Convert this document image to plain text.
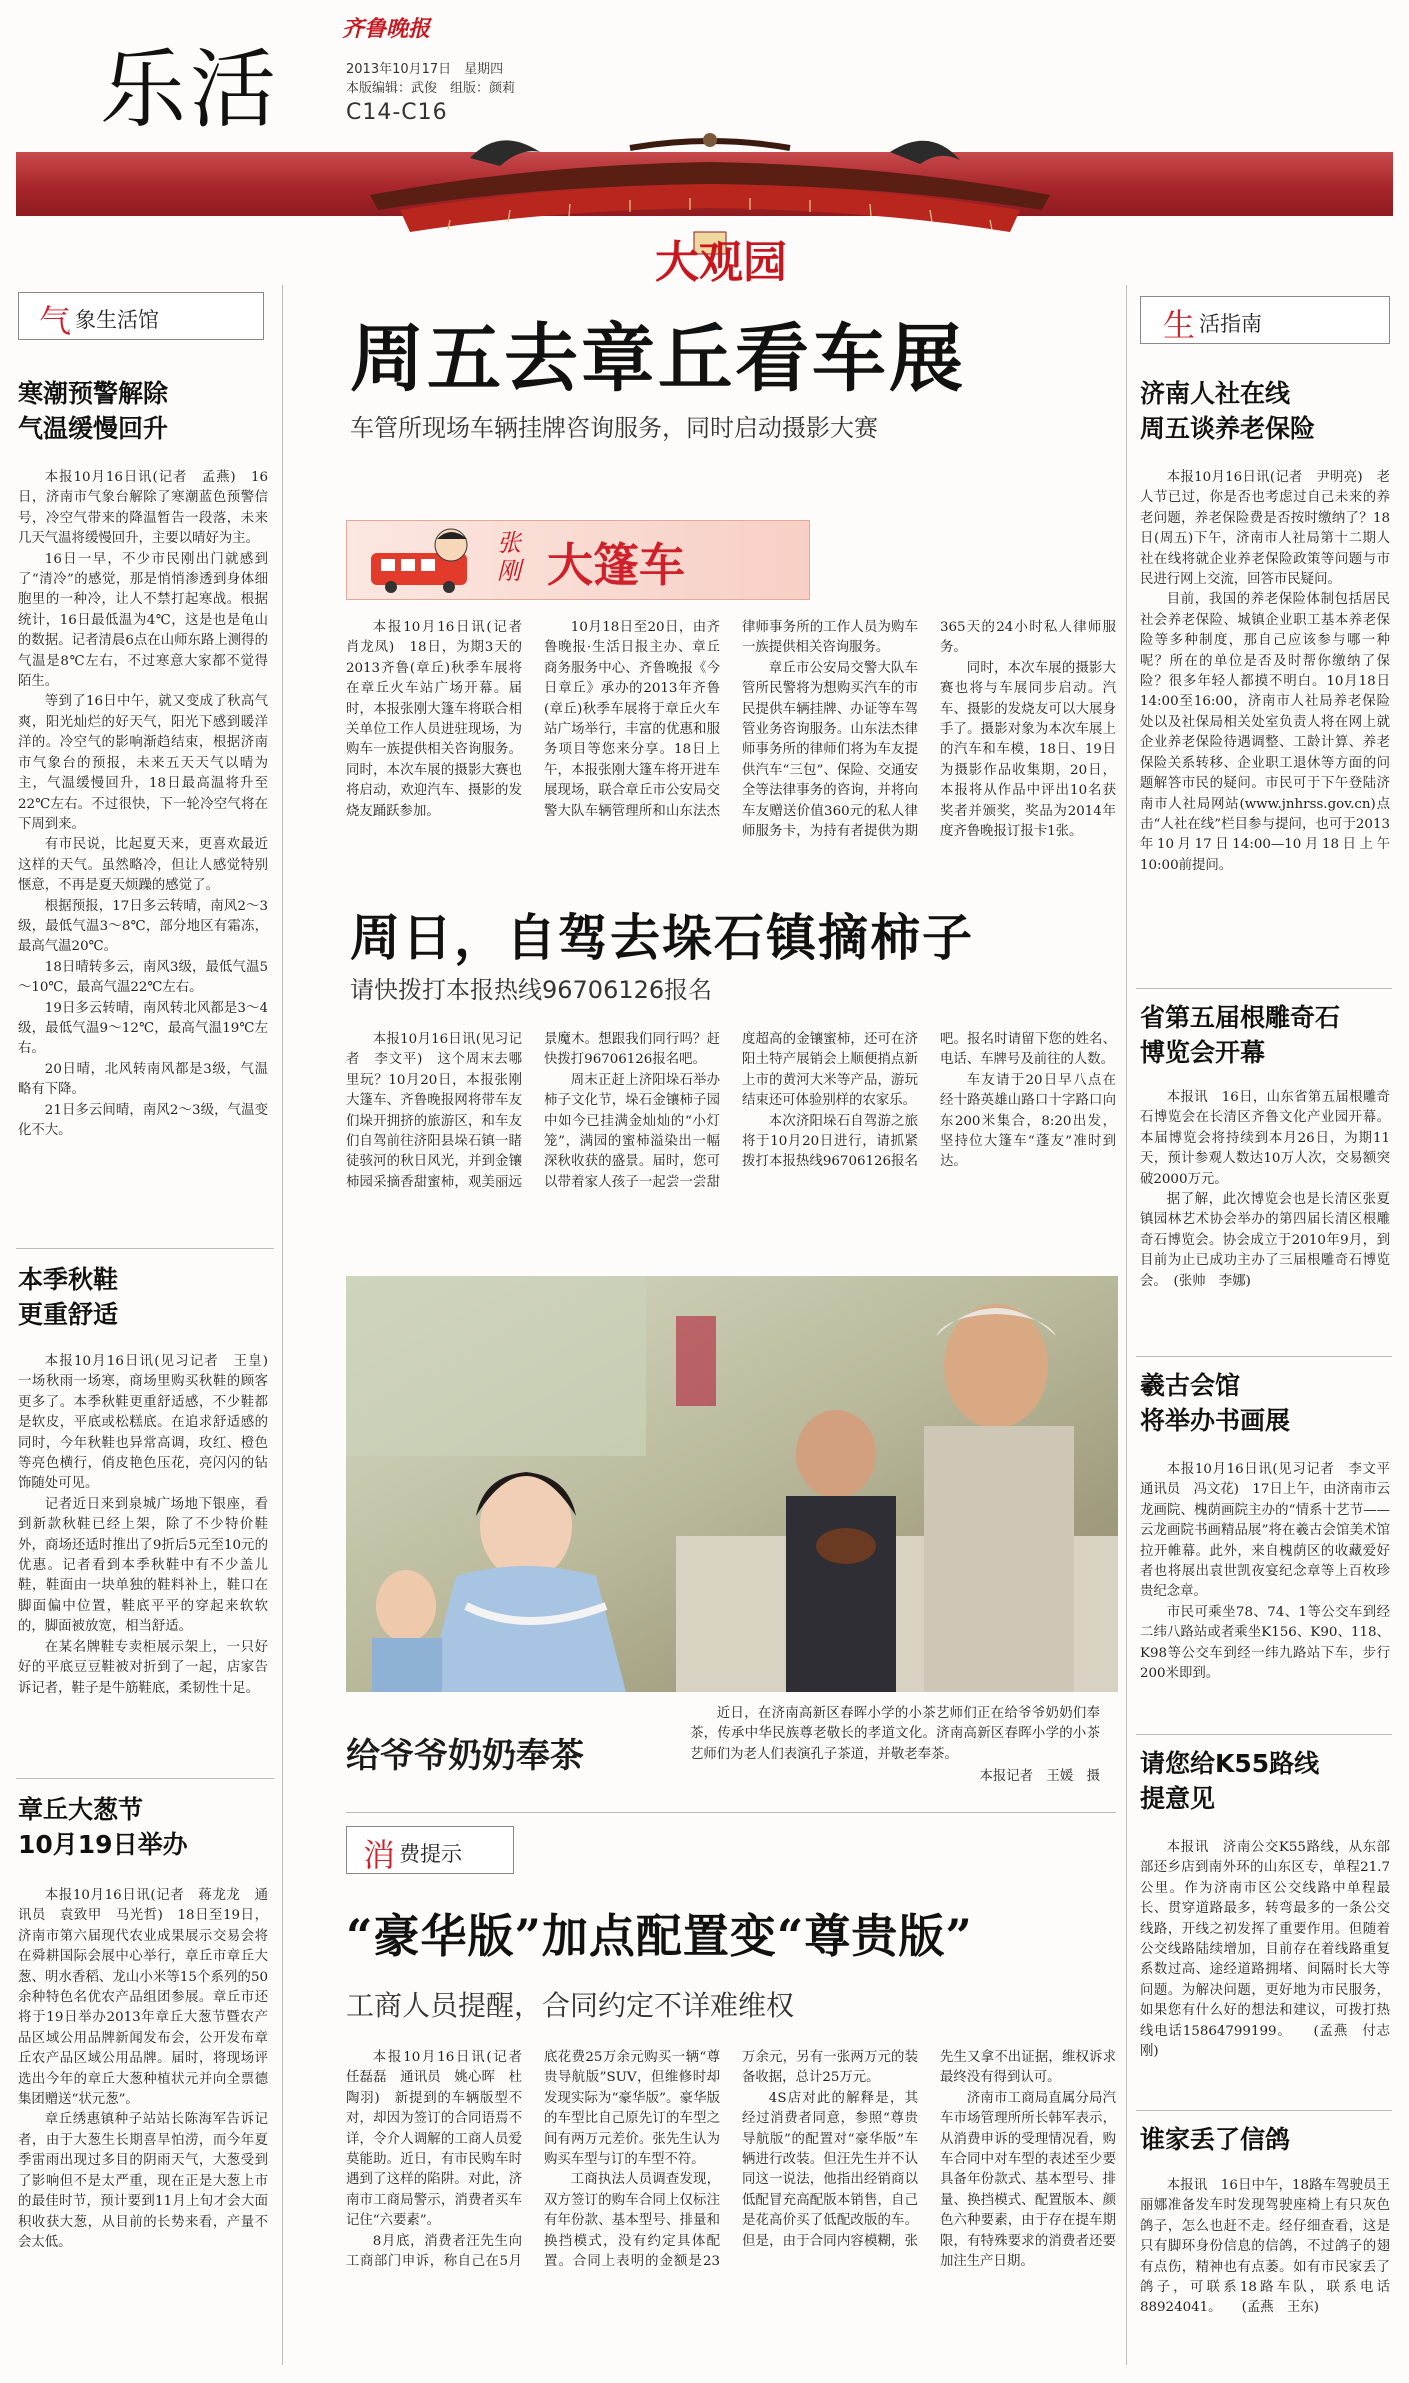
乐活
齐鲁晚报
2013年10月17日　星期四
本版编辑：武俊　组版：颜莉
C14-C16
大观园
气 象生活馆
寒潮预警解除
气温缓慢回升

本报10月16日讯(记者　孟燕)　16日，济南市气象台解除了寒潮蓝色预警信号，冷空气带来的降温暂告一段落，未来几天气温将缓慢回升，主要以晴好为主。

16日一早，不少市民刚出门就感到了“清冷”的感觉，那是悄悄渗透到身体细胞里的一种冷，让人不禁打起寒战。根据统计，16日最低温为4℃，这是也是龟山的数据。记者清晨6点在山师东路上测得的气温是8℃左右，不过寒意大家都不觉得陌生。

等到了16日中午，就又变成了秋高气爽，阳光灿烂的好天气，阳光下感到暖洋洋的。冷空气的影响渐趋结束，根据济南市气象台的预报，未来五天天气以晴为主，气温缓慢回升，18日最高温将升至22℃左右。不过很快，下一轮冷空气将在下周到来。

有市民说，比起夏天来，更喜欢最近这样的天气。虽然略冷，但让人感觉特别惬意，不再是夏天烦躁的感觉了。

根据预报，17日多云转晴，南风2～3级，最低气温3～8℃，部分地区有霜冻，最高气温20℃。

18日晴转多云，南风3级，最低气温5～10℃，最高气温22℃左右。

19日多云转晴，南风转北风都是3～4级，最低气温9～12℃，最高气温19℃左右。

20日晴，北风转南风都是3级，气温略有下降。

21日多云间晴，南风2～3级，气温变化不大。

本季秋鞋
更重舒适

本报10月16日讯(见习记者　王皇)　一场秋雨一场寒，商场里购买秋鞋的顾客更多了。本季秋鞋更重舒适感，不少鞋都是软皮，平底或松糕底。在追求舒适感的同时，今年秋鞋也异常高调，玫红、橙色等亮色横行，俏皮艳色压花，亮闪闪的钻饰随处可见。

记者近日来到泉城广场地下银座，看到新款秋鞋已经上架，除了不少特价鞋外，商场还适时推出了9折后5元至10元的优惠。记者看到本季秋鞋中有不少盖儿鞋，鞋面由一块单独的鞋料补上，鞋口在脚面偏中位置，鞋底平平的穿起来软软的，脚面被放宽，相当舒适。

在某名牌鞋专卖柜展示架上，一只好好的平底豆豆鞋被对折到了一起，店家告诉记者，鞋子是牛筋鞋底，柔韧性十足。

章丘大葱节
10月19日举办

本报10月16日讯(记者　蒋龙龙　通讯员　袁致甲　马光哲)　18日至19日，济南市第六届现代农业成果展示交易会将在舜耕国际会展中心举行，章丘市章丘大葱、明水香稻、龙山小米等15个系列的50余种特色名优农产品组团参展。章丘市还将于19日举办2013年章丘大葱节暨农产品区域公用品牌新闻发布会，公开发布章丘农产品区域公用品牌。届时，将现场评选出今年的章丘大葱种植状元并向全票德集团赠送“状元葱”。

章丘绣惠镇种子站站长陈海军告诉记者，由于大葱生长期喜旱怕涝，而今年夏季雷雨出现过多目的阴雨天气，大葱受到了影响但不是太严重，现在正是大葱上市的最佳时节，预计要到11月上旬才会大面积收获大葱，从目前的长势来看，产量不会太低。

生 活指南
济南人社在线
周五谈养老保险

本报10月16日讯(记者　尹明亮)　老人节已过，你是否也考虑过自己未来的养老问题，养老保险费是否按时缴纳了？18日(周五)下午，济南市人社局第十二期人社在线将就企业养老保险政策等问题与市民进行网上交流，回答市民疑问。

目前，我国的养老保险体制包括居民社会养老保险、城镇企业职工基本养老保险等多种制度，那自己应该参与哪一种呢？所在的单位是否及时帮你缴纳了保险？很多年轻人都摸不明白。10月18日14:00至16:00，济南市人社局养老保险处以及社保局相关处室负责人将在网上就企业养老保险待遇调整、工龄计算、养老保险关系转移、企业职工退休等方面的问题解答市民的疑问。市民可于下午登陆济南市人社局网站(www.jnhrss.gov.cn)点击“人社在线”栏目参与提问，也可于2013年10月17日14:00—10月18日上午10:00前提问。

省第五届根雕奇石
博览会开幕

本报讯　16日，山东省第五届根雕奇石博览会在长清区齐鲁文化产业园开幕。本届博览会将持续到本月26日，为期11天，预计参观人数达10万人次，交易额突破2000万元。

据了解，此次博览会也是长清区张夏镇园林艺术协会举办的第四届长清区根雕奇石博览会。协会成立于2010年9月，到目前为止已成功主办了三届根雕奇石博览会。　(张帅　李娜)

羲古会馆
将举办书画展

本报10月16日讯(见习记者　李文平　通讯员　冯文花)　17日上午，由济南市云龙画院、槐荫画院主办的“情系十艺节——云龙画院书画精品展”将在羲古会馆美术馆拉开帷幕。此外，来自槐荫区的收藏爱好者也将展出袁世凯夜宴纪念章等上百枚珍贵纪念章。

市民可乘坐78、74、1等公交车到经二纬八路站或者乘坐K156、K90、118、K98等公交车到经一纬九路站下车，步行200米即到。

请您给K55路线
提意见

本报讯　济南公交K55路线，从东部部还乡店到南外环的山东区专，单程21.7公里。作为济南市区公交线路中单程最长、贯穿道路最多，转弯最多的一条公交线路，开线之初发挥了重要作用。但随着公交线路陆续增加，目前存在着线路重复系数过高、途经道路拥堵、间隔时长大等问题。为解决问题，更好地为市民服务，如果您有什么好的想法和建议，可拨打热线电话15864799199。　　(孟燕　付志刚)

谁家丢了信鸽

本报讯　16日中午，18路车驾驶员王丽娜准备发车时发现驾驶座椅上有只灰色鸽子，怎么也赶不走。经仔细查看，这是只有脚环身份信息的信鸽，不过鸽子的翅有点伤，精神也有点萎。如有市民家丢了鸽子，可联系18路车队，联系电话88924041。　　(孟燕　王东)

周五去章丘看车展
车管所现场车辆挂牌咨询服务，同时启动摄影大赛
张刚 大篷车

本报10月16日讯(记者　肖龙凤)　18日，为期3天的2013齐鲁(章丘)秋季车展将在章丘火车站广场开幕。届时，本报张刚大篷车将联合相关单位工作人员进驻现场，为购车一族提供相关咨询服务。同时，本次车展的摄影大赛也将启动，欢迎汽车、摄影的发烧友踊跃参加。

10月18日至20日，由齐鲁晚报·生活日报主办、章丘商务服务中心、齐鲁晚报《今日章丘》承办的2013年齐鲁(章丘)秋季车展将于章丘火车站广场举行，丰富的优惠和服务项目等您来分享。18日上午，本报张刚大篷车将开进车展现场，联合章丘市公安局交警大队车辆管理所和山东法杰律师事务所的工作人员为购车一族提供相关咨询服务。

章丘市公安局交警大队车管所民警将为想购买汽车的市民提供车辆挂牌、办证等车驾管业务咨询服务。山东法杰律师事务所的律师们将为车友提供汽车“三包”、保险、交通安全等法律事务的咨询，并将向车友赠送价值360元的私人律师服务卡，为持有者提供为期365天的24小时私人律师服务。

同时，本次车展的摄影大赛也将与车展同步启动。汽车、摄影的发烧友可以大展身手了。摄影对象为本次车展上的汽车和车模，18日、19日为摄影作品收集期，20日，本报将从作品中评出10名获奖者并颁奖，奖品为2014年度齐鲁晚报订报卡1张。

周日，自驾去垛石镇摘柿子
请快拨打本报热线96706126报名

本报10月16日讯(见习记者　李文平)　这个周末去哪里玩？10月20日，本报张刚大篷车、齐鲁晚报网将带车友们垛开拥挤的旅游区，和车友们自驾前往济阳县垛石镇一睹徒骇河的秋日风光，并到金镶柿园采摘香甜蜜柿，观美丽远景魔木。想跟我们同行吗？赶快拨打96706126报名吧。

周末正赶上济阳垛石举办柿子文化节，垛石金镶柿子园中如今已挂满金灿灿的“小灯笼”，满园的蜜柿溢染出一幅深秋收获的盛景。届时，您可以带着家人孩子一起尝一尝甜度超高的金镶蜜柿，还可在济阳土特产展销会上顺便捎点新上市的黄河大米等产品，游玩结束还可体验别样的农家乐。

本次济阳垛石自驾游之旅将于10月20日进行，请抓紧拨打本报热线96706126报名吧。报名时请留下您的姓名、电话、车牌号及前往的人数。

车友请于20日早八点在经十路英雄山路口十字路口向东200米集合，8:20出发，坚持位大篷车“蓬友”准时到达。

给爷爷奶奶奉茶

近日，在济南高新区春晖小学的小茶艺师们正在给爷爷奶奶们奉茶，传承中华民族尊老敬长的孝道文化。济南高新区春晖小学的小茶艺师们为老人们表演孔子茶道，并敬老奉茶。

本报记者　王媛　摄
消 费提示
“豪华版”加点配置变“尊贵版”
工商人员提醒，合同约定不详难维权

本报10月16日讯(记者　任磊磊　通讯员　姚心晖　杜陶羽)　新提到的车辆版型不对，却因为签订的合同语焉不详，令介人调解的工商人员爱莫能助。近日，有市民购车时遇到了这样的陷阱。对此，济南市工商局警示，消费者买车记住“六要素”。

8月底，消费者汪先生向工商部门申诉，称自己在5月底花费25万余元购买一辆“尊贵导航版”SUV，但维修时却发现实际为“豪华版”。豪华版的车型比自己原先订的车型之间有两万元差价。张先生认为购买车型与订的车型不符。

工商执法人员调查发现，双方签订的购车合同上仅标注有年份款、基本型号、排量和换挡模式，没有约定具体配置。合同上表明的金额是23万余元，另有一张两万元的装备收据，总计25万元。

4S店对此的解释是，其经过消费者同意，参照“尊贵导航版”的配置对“豪华版”车辆进行改装。但汪先生并不认同这一说法，他指出经销商以低配冒充高配版本销售，自己是花高价买了低配改版的车。但是，由于合同内容模糊，张先生又拿不出证据，维权诉求最终没有得到认可。

济南市工商局直属分局汽车市场管理所所长韩军表示，从消费申诉的受理情况看，购车合同中对车型的表述至少要具备年份款式、基本型号、排量、换挡模式、配置版本、颜色六种要素，由于存在提车期限，有特殊要求的消费者还要加注生产日期。
